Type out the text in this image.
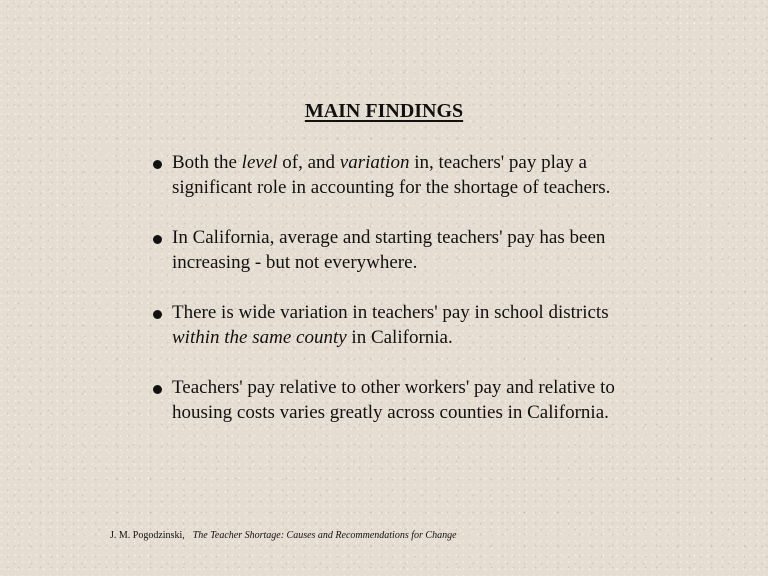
MAIN FINDINGS
Both the level of, and variation in, teachers' pay play a significant role in accounting for the shortage of teachers.
In California, average and starting teachers' pay has been increasing - but not everywhere.
There is wide variation in teachers' pay in school districts within the same county in California.
Teachers' pay relative to other workers' pay and relative to housing costs varies greatly across counties in California.
J. M. Pogodzinski, The Teacher Shortage: Causes and Recommendations for Change
